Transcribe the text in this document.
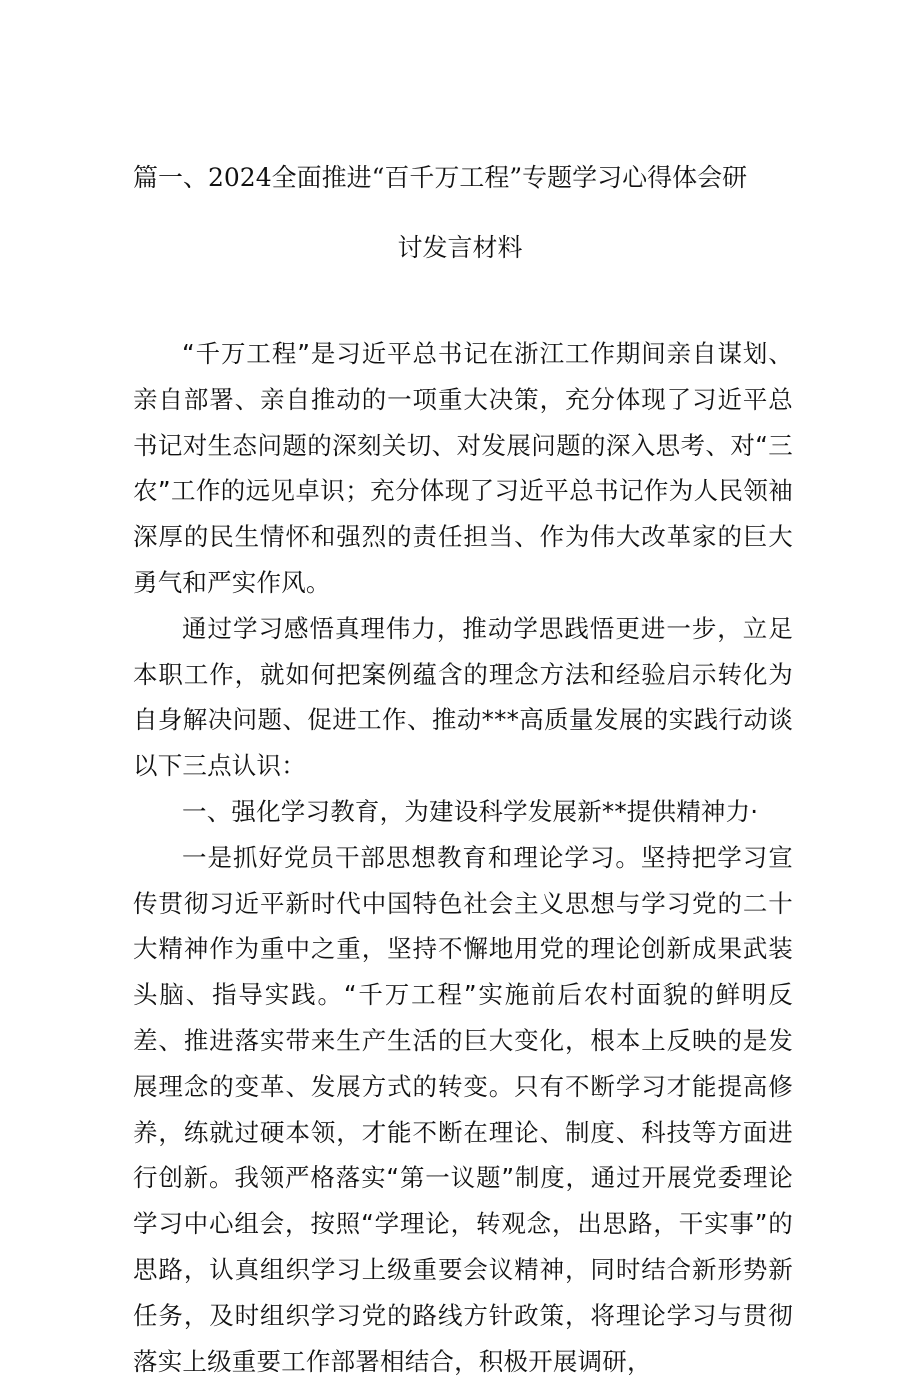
篇一、2024全面推进“百千万工程”专题学习心得体会研
讨发言材料

“千万工程”是习近平总书记在浙江工作期间亲自谋划、亲自部署、亲自推动的一项重大决策，充分体现了习近平总书记对生态问题的深刻关切、对发展问题的深入思考、对“三农”工作的远见卓识；充分体现了习近平总书记作为人民领袖深厚的民生情怀和强烈的责任担当、作为伟大改革家的巨大勇气和严实作风。

通过学习感悟真理伟力，推动学思践悟更进一步，立足本职工作，就如何把案例蕴含的理念方法和经验启示转化为自身解决问题、促进工作、推动***高质量发展的实践行动谈以下三点认识：

一、强化学习教育，为建设科学发展新**提供精神力·

一是抓好党员干部思想教育和理论学习。坚持把学习宣传贯彻习近平新时代中国特色社会主义思想与学习党的二十大精神作为重中之重，坚持不懈地用党的理论创新成果武装头脑、指导实践。“千万工程”实施前后农村面貌的鲜明反差、推进落实带来生产生活的巨大变化，根本上反映的是发展理念的变革、发展方式的转变。只有不断学习才能提高修养，练就过硬本领，才能不断在理论、制度、科技等方面进行创新。我领严格落实“第一议题”制度，通过开展党委理论学习中心组会，按照“学理论，转观念，出思路，干实事”的思路，认真组织学习上级重要会议精神，同时结合新形势新任务，及时组织学习党的路线方针政策，将理论学习与贯彻落实上级重要工作部署相结合，积极开展调研，
